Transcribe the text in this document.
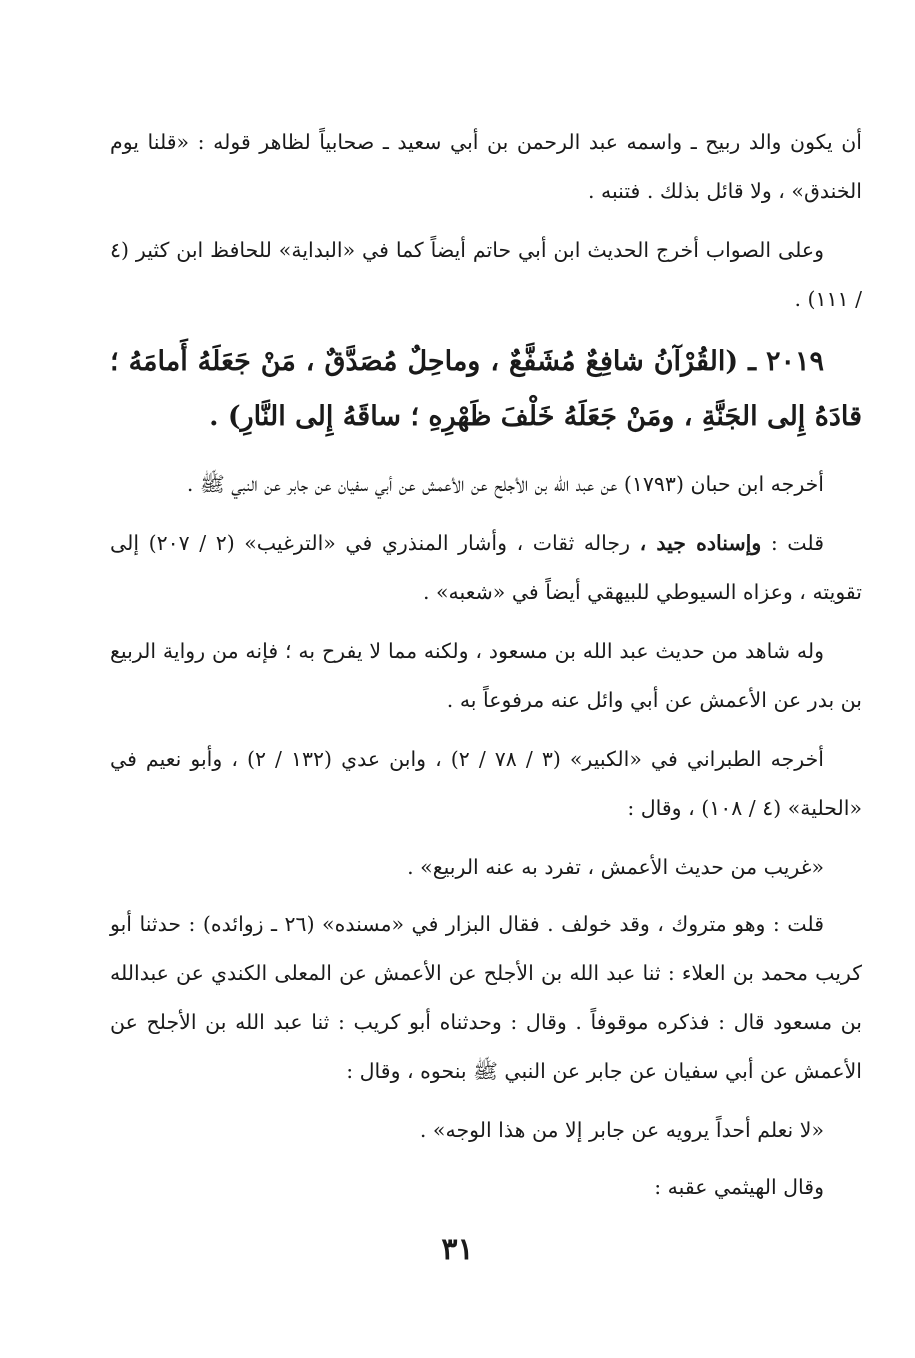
أن يكون والد ربيح ـ واسمه عبد الرحمن بن أبي سعيد ـ صحابياً لظاهر قوله : «قلنا يوم الخندق» ، ولا قائل بذلك . فتنبه .

وعلى الصواب أخرج الحديث ابن أبي حاتم أيضاً كما في «البداية» للحافظ ابن كثير (٤ / ١١١) .

٢٠١٩ ـ (القُرْآنُ شافِعٌ مُشَفَّعٌ ، وماحِلٌ مُصَدَّقٌ ، مَنْ جَعَلَهُ أَمامَهُ ؛ قادَهُ إِلى الجَنَّةِ ، ومَنْ جَعَلَهُ خَلْفَ ظَهْرِهِ ؛ ساقَهُ إِلى النَّارِ) .

أخرجه ابن حبان (١٧٩٣) عن عبد الله بن الأجلح عن الأعمش عن أبي سفيان عن جابر عن النبي ﷺ .

قلت : وإسناده جيد ، رجاله ثقات ، وأشار المنذري في «الترغيب» (٢ / ٢٠٧) إلى تقويته ، وعزاه السيوطي للبيهقي أيضاً في «شعبه» .

وله شاهد من حديث عبد الله بن مسعود ، ولكنه مما لا يفرح به ؛ فإنه من رواية الربيع بن بدر عن الأعمش عن أبي وائل عنه مرفوعاً به .

أخرجه الطبراني في «الكبير» (٣ / ٧٨ / ٢) ، وابن عدي (١٣٢ / ٢) ، وأبو نعيم في «الحلية» (٤ / ١٠٨) ، وقال :

«غريب من حديث الأعمش ، تفرد به عنه الربيع» .

قلت : وهو متروك ، وقد خولف . فقال البزار في «مسنده» (٢٦ ـ زوائده) : حدثنا أبو كريب محمد بن العلاء : ثنا عبد الله بن الأجلح عن الأعمش عن المعلى الكندي عن عبدالله بن مسعود قال : فذكره موقوفاً . وقال : وحدثناه أبو كريب : ثنا عبد الله بن الأجلح عن الأعمش عن أبي سفيان عن جابر عن النبي ﷺ بنحوه ، وقال :

«لا نعلم أحداً يرويه عن جابر إلا من هذا الوجه» .

وقال الهيثمي عقبه :

٣١
